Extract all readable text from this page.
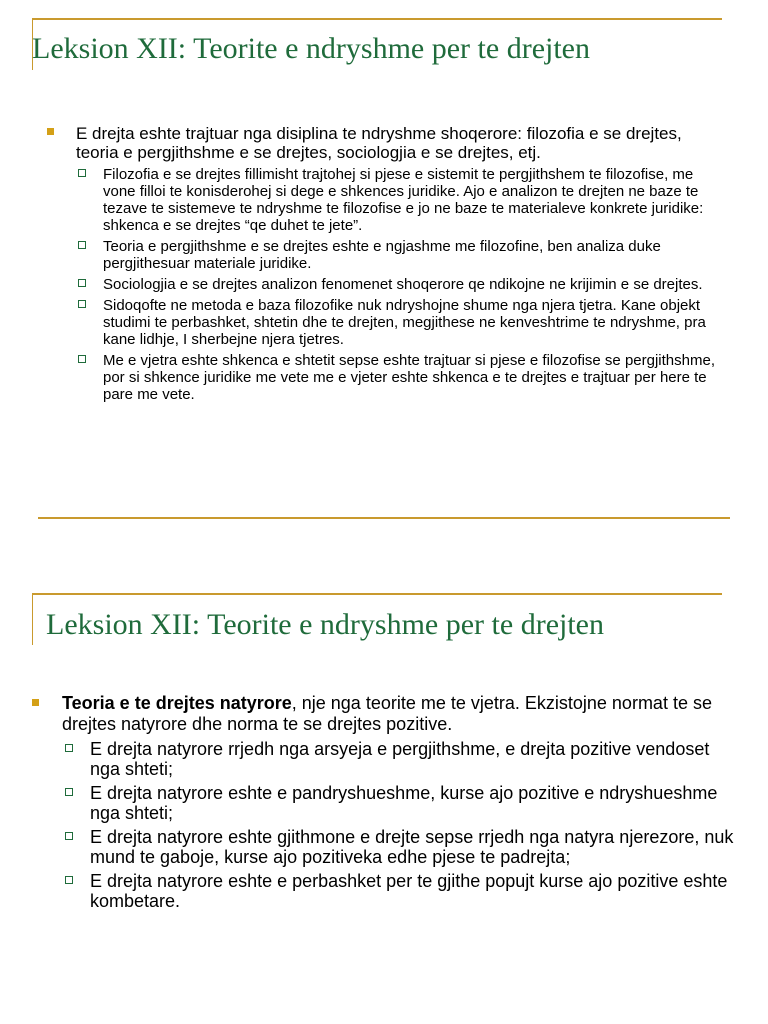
Leksion XII: Teorite e ndryshme per te drejten
E drejta eshte trajtuar nga disiplina te ndryshme shoqerore: filozofia e se drejtes, teoria e pergjithshme e se drejtes, sociologjia e se drejtes, etj.
Filozofia e se drejtes fillimisht trajtohej si pjese e sistemit te pergjithshem te filozofise, me vone filloi te konisderohej si dege e shkences juridike. Ajo e analizon te drejten ne baze te tezave te sistemeve te ndryshme te filozofise e jo ne baze te materialeve konkrete juridike: shkenca e se drejtes “qe duhet te jete”.
Teoria e pergjithshme e se drejtes eshte e ngjashme me filozofine, ben analiza duke pergjithesuar materiale juridike.
Sociologjia e se drejtes analizon fenomenet shoqerore qe ndikojne ne krijimin e se drejtes.
Sidoqofte ne metoda e baza filozofike nuk ndryshojne shume nga njera tjetra. Kane objekt studimi te perbashket, shtetin dhe te drejten, megjithese ne kenveshtrime te ndryshme, pra kane lidhje, I sherbejne njera tjetres.
Me e vjetra eshte shkenca e shtetit sepse eshte trajtuar si pjese e filozofise se pergjithshme, por si shkence juridike me vete me e vjeter eshte shkenca e te drejtes e trajtuar per here te pare me vete.
Leksion XII: Teorite e ndryshme per te drejten
Teoria e te drejtes natyrore, nje nga teorite me te vjetra. Ekzistojne normat te se drejtes natyrore dhe norma te se drejtes pozitive.
E drejta natyrore rrjedh nga arsyeja e pergjithshme, e drejta pozitive vendoset nga shteti;
E drejta natyrore eshte e pandryshueshme, kurse ajo pozitive e ndryshueshme nga shteti;
E drejta natyrore eshte gjithmone e drejte sepse rrjedh nga natyra njerezore, nuk mund te gaboje, kurse ajo pozitiveka edhe pjese te padrejta;
E drejta natyrore eshte e perbashket per te gjithe popujt kurse ajo pozitive eshte kombetare.
